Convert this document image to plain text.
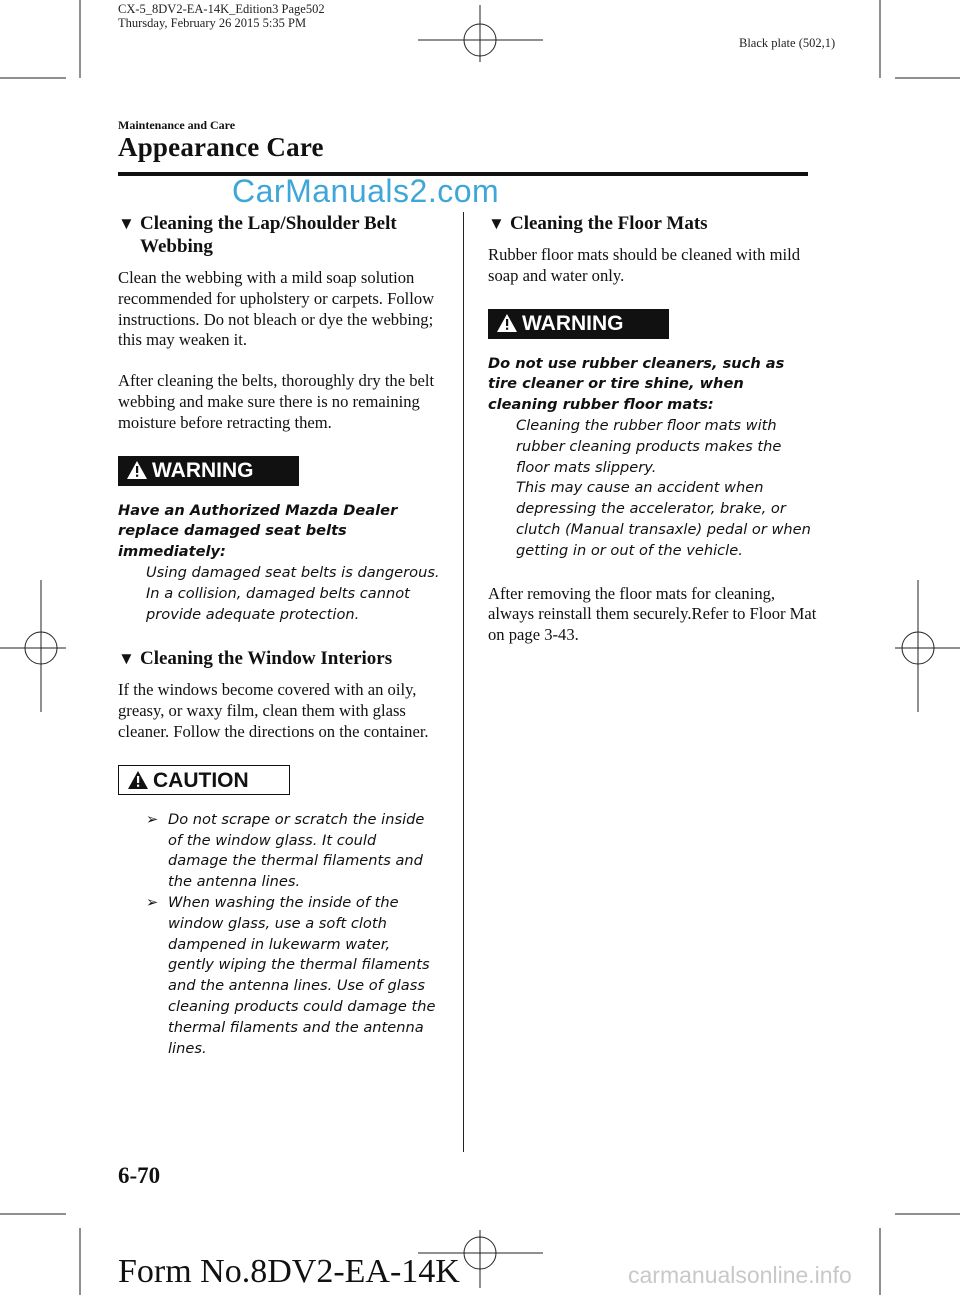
CX-5_8DV2-EA-14K_Edition3 Page502
Thursday, February 26 2015 5:35 PM
Black plate (502,1)
Maintenance and Care
Appearance Care
CarManuals2.com
▼ Cleaning the Lap/Shoulder Belt Webbing

Clean the webbing with a mild soap solution recommended for upholstery or carpets. Follow instructions. Do not bleach or dye the webbing; this may weaken it.

After cleaning the belts, thoroughly dry the belt webbing and make sure there is no remaining moisture before retracting them.

WARNING
Have an Authorized Mazda Dealer replace damaged seat belts immediately:
Using damaged seat belts is dangerous. In a collision, damaged belts cannot provide adequate protection.
▼ Cleaning the Window Interiors

If the windows become covered with an oily, greasy, or waxy film, clean them with glass cleaner. Follow the directions on the container.

CAUTION
➢ Do not scrape or scratch the inside of the window glass. It could damage the thermal filaments and the antenna lines.
➢ When washing the inside of the window glass, use a soft cloth dampened in lukewarm water, gently wiping the thermal filaments and the antenna lines. Use of glass cleaning products could damage the thermal filaments and the antenna lines.
▼ Cleaning the Floor Mats

Rubber floor mats should be cleaned with mild soap and water only.

WARNING
Do not use rubber cleaners, such as tire cleaner or tire shine, when cleaning rubber floor mats:
Cleaning the rubber floor mats with rubber cleaning products makes the floor mats slippery.
This may cause an accident when depressing the accelerator, brake, or clutch (Manual transaxle) pedal or when getting in or out of the vehicle.

After removing the floor mats for cleaning, always reinstall them securely.Refer to Floor Mat on page 3-43.

6-70
Form No.8DV2-EA-14K	carmanualsonline.info
